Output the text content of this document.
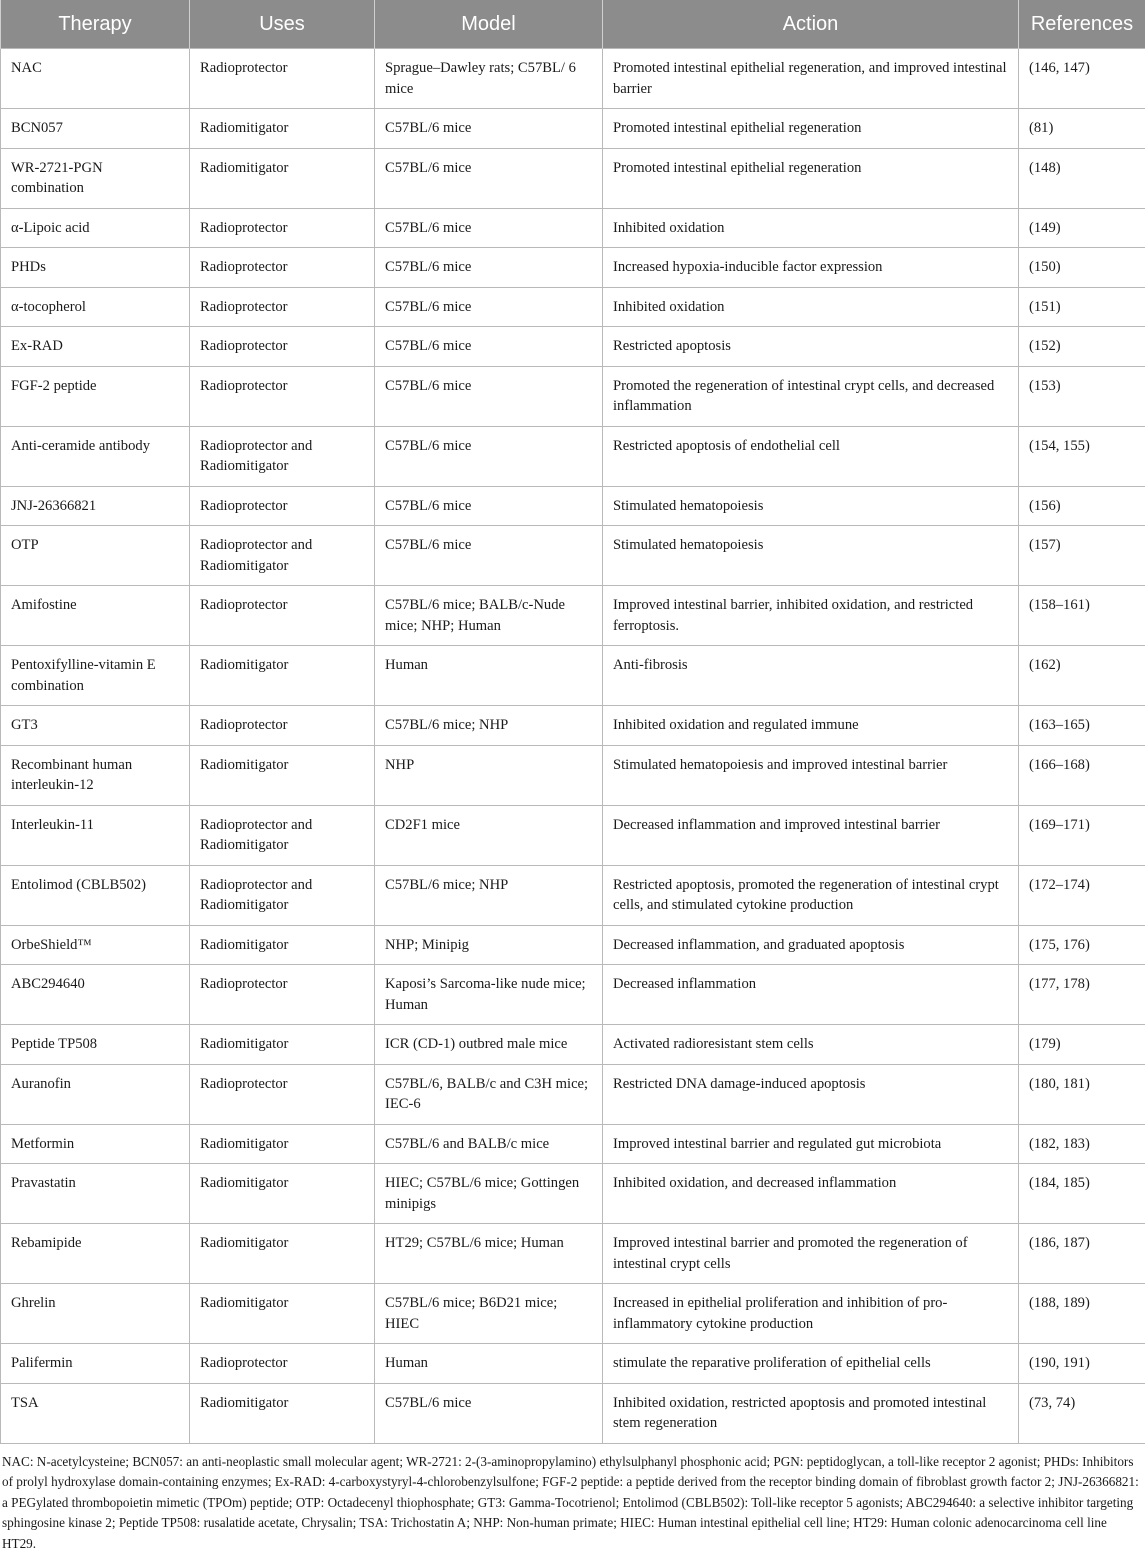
Therapy	Uses	Model	Action	References
NAC	Radioprotector	Sprague–Dawley rats; C57BL/ 6 mice	Promoted intestinal epithelial regeneration, and improved intestinal barrier	(146, 147)
BCN057	Radiomitigator	C57BL/6 mice	Promoted intestinal epithelial regeneration	(81)
WR-2721-PGN combination	Radiomitigator	C57BL/6 mice	Promoted intestinal epithelial regeneration	(148)
α-Lipoic acid	Radioprotector	C57BL/6 mice	Inhibited oxidation	(149)
PHDs	Radioprotector	C57BL/6 mice	Increased hypoxia-inducible factor expression	(150)
α-tocopherol	Radioprotector	C57BL/6 mice	Inhibited oxidation	(151)
Ex-RAD	Radioprotector	C57BL/6 mice	Restricted apoptosis	(152)
FGF-2 peptide	Radioprotector	C57BL/6 mice	Promoted the regeneration of intestinal crypt cells, and decreased inflammation	(153)
Anti-ceramide antibody	Radioprotector and Radiomitigator	C57BL/6 mice	Restricted apoptosis of endothelial cell	(154, 155)
JNJ-26366821	Radioprotector	C57BL/6 mice	Stimulated hematopoiesis	(156)
OTP	Radioprotector and Radiomitigator	C57BL/6 mice	Stimulated hematopoiesis	(157)
Amifostine	Radioprotector	C57BL/6 mice; BALB/c-Nude mice; NHP; Human	Improved intestinal barrier, inhibited oxidation, and restricted ferroptosis.	(158–161)
Pentoxifylline-vitamin E combination	Radiomitigator	Human	Anti-fibrosis	(162)
GT3	Radioprotector	C57BL/6 mice; NHP	Inhibited oxidation and regulated immune	(163–165)
Recombinant human interleukin-12	Radiomitigator	NHP	Stimulated hematopoiesis and improved intestinal barrier	(166–168)
Interleukin-11	Radioprotector and Radiomitigator	CD2F1 mice	Decreased inflammation and improved intestinal barrier	(169–171)
Entolimod (CBLB502)	Radioprotector and Radiomitigator	C57BL/6 mice; NHP	Restricted apoptosis, promoted the regeneration of intestinal crypt cells, and stimulated cytokine production	(172–174)
OrbeShield™	Radiomitigator	NHP; Minipig	Decreased inflammation, and graduated apoptosis	(175, 176)
ABC294640	Radioprotector	Kaposi’s Sarcoma-like nude mice; Human	Decreased inflammation	(177, 178)
Peptide TP508	Radiomitigator	ICR (CD-1) outbred male mice	Activated radioresistant stem cells	(179)
Auranofin	Radioprotector	C57BL/6, BALB/c and C3H mice; IEC-6	Restricted DNA damage-induced apoptosis	(180, 181)
Metformin	Radiomitigator	C57BL/6 and BALB/c mice	Improved intestinal barrier and regulated gut microbiota	(182, 183)
Pravastatin	Radiomitigator	HIEC; C57BL/6 mice; Gottingen minipigs	Inhibited oxidation, and decreased inflammation	(184, 185)
Rebamipide	Radiomitigator	HT29; C57BL/6 mice; Human	Improved intestinal barrier and promoted the regeneration of intestinal crypt cells	(186, 187)
Ghrelin	Radiomitigator	C57BL/6 mice; B6D21 mice; HIEC	Increased in epithelial proliferation and inhibition of pro-inflammatory cytokine production	(188, 189)
Palifermin	Radioprotector	Human	stimulate the reparative proliferation of epithelial cells	(190, 191)
TSA	Radiomitigator	C57BL/6 mice	Inhibited oxidation, restricted apoptosis and promoted intestinal stem regeneration	(73, 74)
NAC: N-acetylcysteine; BCN057: an anti-neoplastic small molecular agent; WR-2721: 2-(3-aminopropylamino) ethylsulphanyl phosphonic acid; PGN: peptidoglycan, a toll-like receptor 2 agonist; PHDs: Inhibitors of prolyl hydroxylase domain-containing enzymes; Ex-RAD: 4-carboxystyryl-4-chlorobenzylsulfone; FGF-2 peptide: a peptide derived from the receptor binding domain of fibroblast growth factor 2; JNJ-26366821: a PEGylated thrombopoietin mimetic (TPOm) peptide; OTP: Octadecenyl thiophosphate; GT3: Gamma-Tocotrienol; Entolimod (CBLB502): Toll-like receptor 5 agonists; ABC294640: a selective inhibitor targeting sphingosine kinase 2; Peptide TP508: rusalatide acetate, Chrysalin; TSA: Trichostatin A; NHP: Non-human primate; HIEC: Human intestinal epithelial cell line; HT29: Human colonic adenocarcinoma cell line HT29.
